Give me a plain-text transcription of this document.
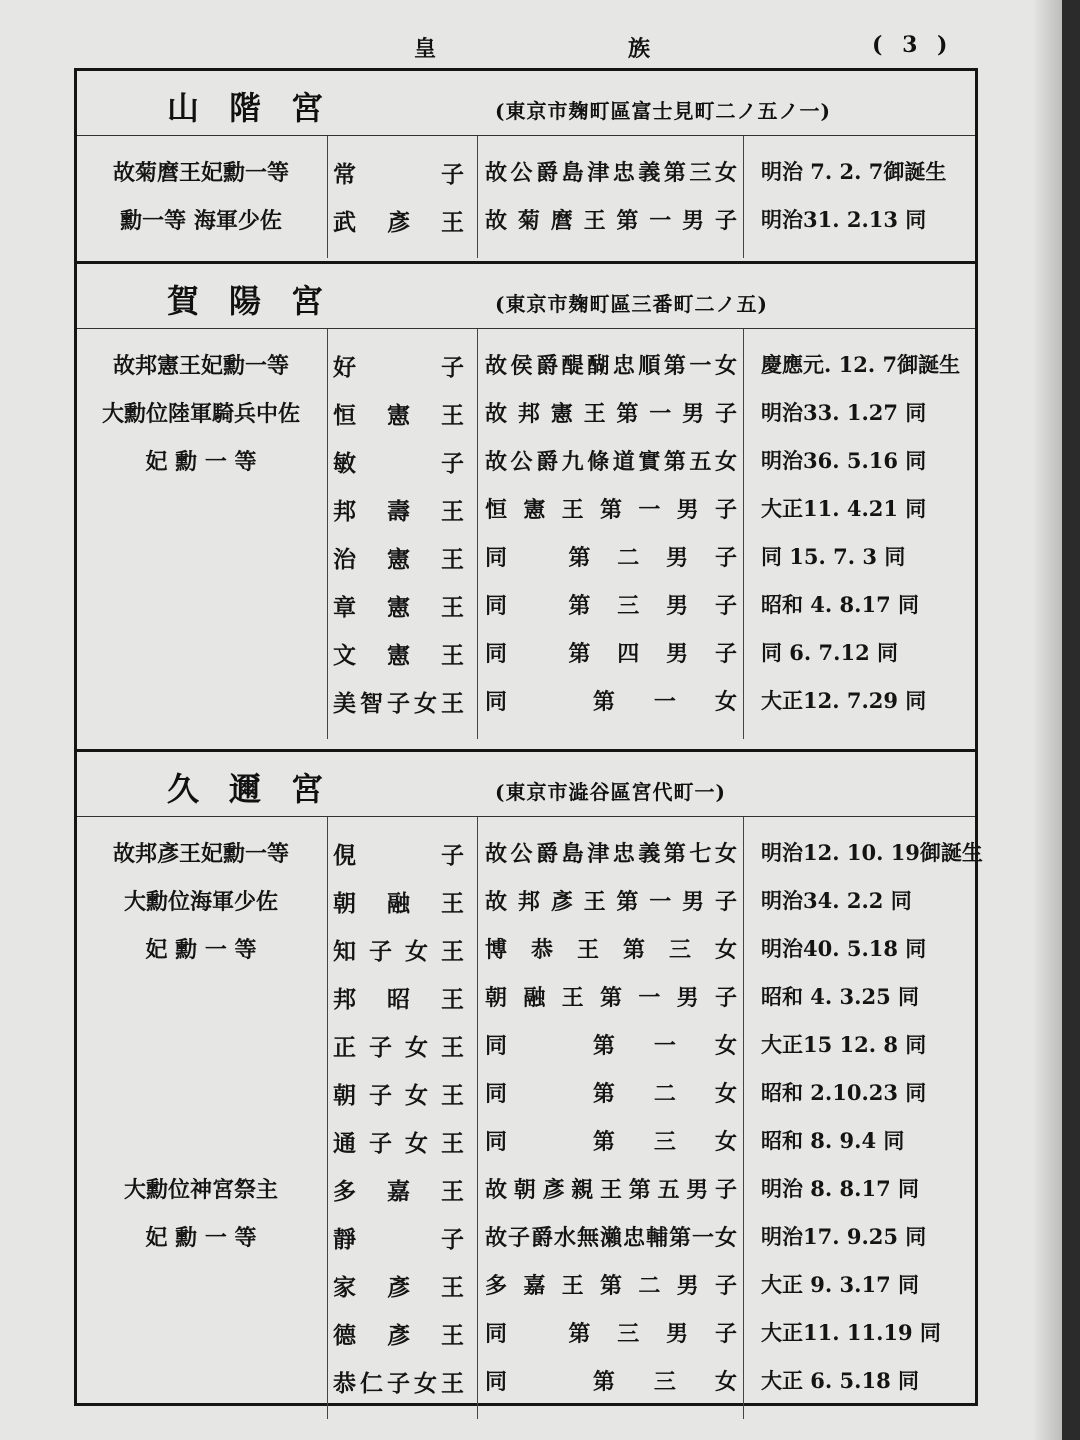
皇	族	( 3 )
山階宮	(東京市麹町區富士見町二ノ五ノ一)
故菊麿王妃勳一等	常子 故公爵島津忠義第三女 明治 7. 2. 7御誕生
勳一等 海軍少佐	武彥王 故菊麿王第一男子 明治31. 2.13 同
賀陽宮	(東京市麹町區三番町二ノ五)
故邦憲王妃勳一等	好子 故侯爵醍醐忠順第一女 慶應元. 12. 7御誕生
大勳位陸軍騎兵中佐	恒憲王 故邦憲王第一男子 明治33. 1.27 同
妃 勳 一 等	敏子 故公爵九條道實第五女 明治36. 5.16 同
邦壽王 恒憲王第一男子 大正11. 4.21 同
治憲王 同 第二男子 同 15. 7. 3 同
章憲王 同 第三男子 昭和 4. 8.17 同
文憲王 同 第四男子 同 6. 7.12 同
美智子女王 同 第一女 大正12. 7.29 同
久邇宮	(東京市澁谷區宮代町一)
故邦彥王妃勳一等	俔子 故公爵島津忠義第七女 明治12. 10. 19御誕生
大勳位海軍少佐	朝融王 故邦彥王第一男子 明治34. 2.2 同
妃 勳 一 等	知子女王 博恭王第三女 明治40. 5.18 同
邦昭王 朝融王第一男子 昭和 4. 3.25 同
正子女王 同 第一女 大正15 12. 8 同
朝子女王 同 第二女 昭和 2.10.23 同
通子女王 同 第三女 昭和 8. 9.4 同
大勳位神宮祭主	多嘉王 故朝彥親王第五男子 明治 8. 8.17 同
妃 勳 一 等	靜子 故子爵水無瀨忠輔第一女 明治17. 9.25 同
家彥王 多嘉王第二男子 大正 9. 3.17 同
德彥王 同 第三男子 大正11. 11.19 同
恭仁子女王 同 第三女 大正 6. 5.18 同
